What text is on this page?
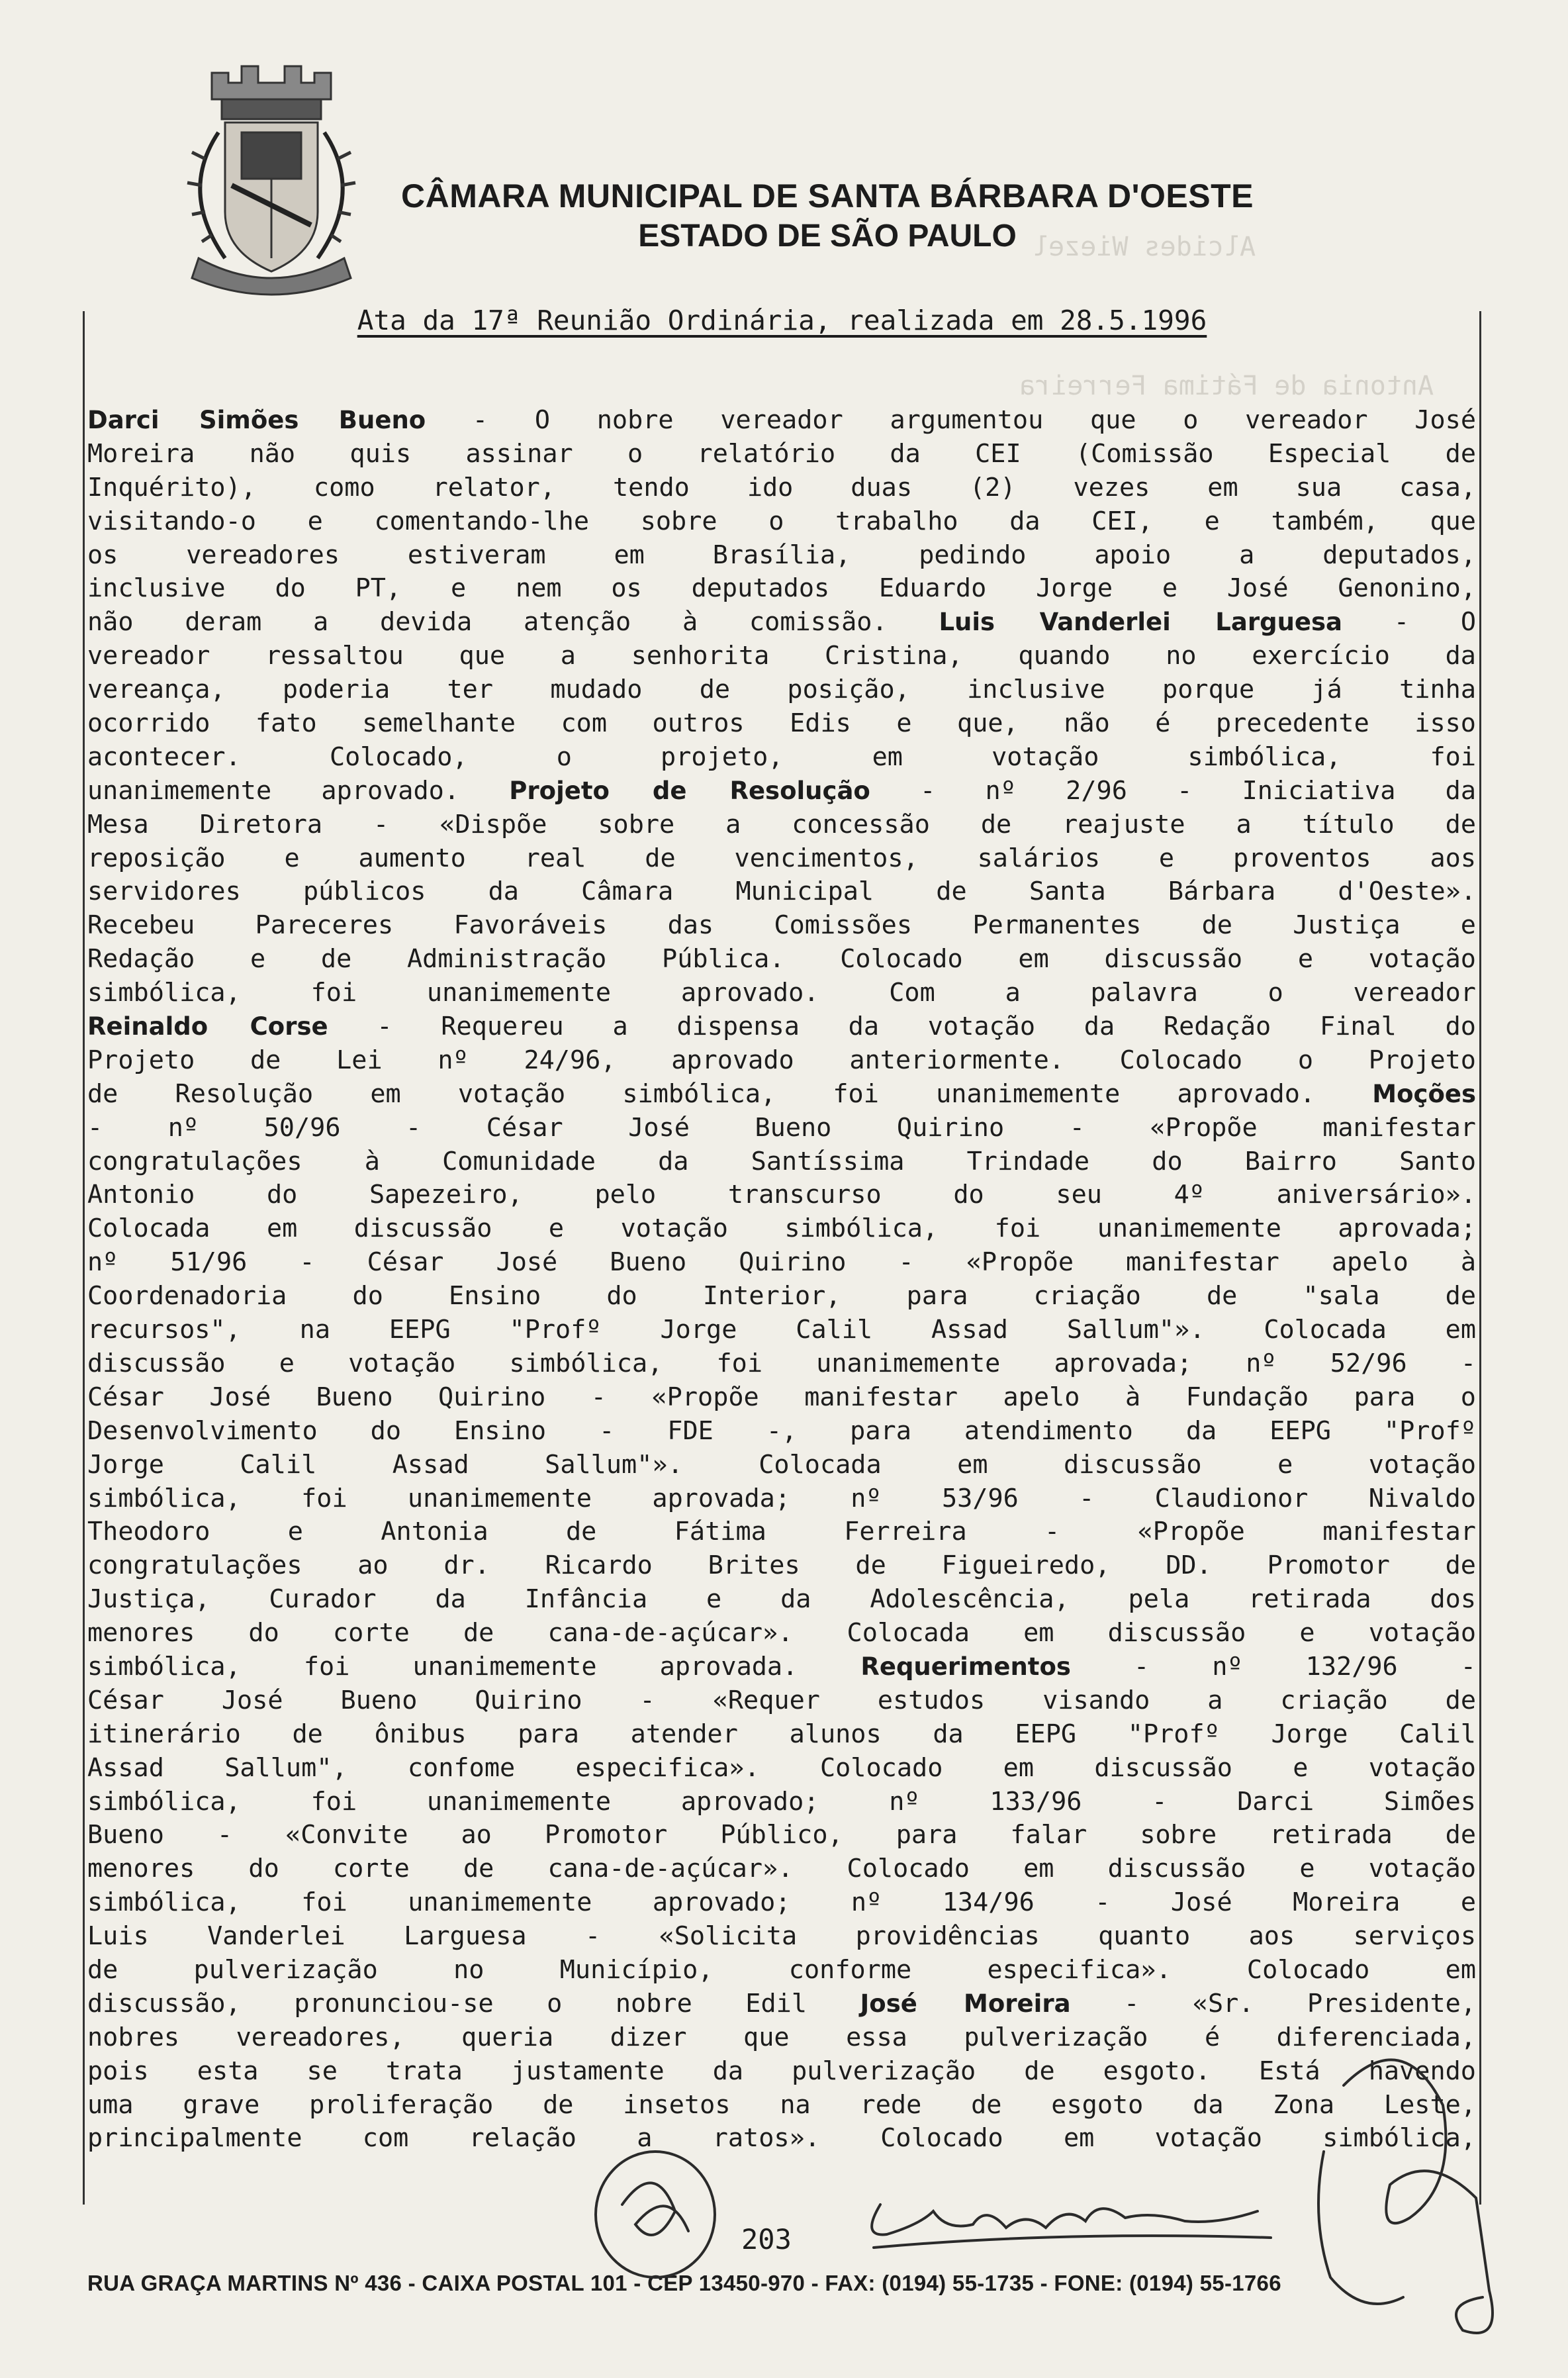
Alcides Wiezel
Antonia de Fátima Ferreira
CÂMARA MUNICIPAL DE SANTA BÁRBARA D'OESTE
ESTADO DE SÃO PAULO
Ata da 17ª Reunião Ordinária, realizada em 28.5.1996
Darci Simões Bueno - O nobre vereador argumentou que o vereador José
Moreira não quis assinar o relatório da CEI (Comissão Especial de
Inquérito), como relator, tendo ido duas (2) vezes em sua casa,
visitando-o e comentando-lhe sobre o trabalho da CEI, e também, que
os vereadores estiveram em Brasília, pedindo apoio a deputados,
inclusive do PT, e nem os deputados Eduardo Jorge e José Genonino,
não deram a devida atenção à comissão. Luis Vanderlei Larguesa - O
vereador ressaltou que a senhorita Cristina, quando no exercício da
vereança, poderia ter mudado de posição, inclusive porque já tinha
ocorrido fato semelhante com outros Edis e que, não é precedente isso
acontecer. Colocado, o projeto, em votação simbólica, foi
unanimemente aprovado. Projeto de Resolução - nº 2/96 - Iniciativa da
Mesa Diretora - «Dispõe sobre a concessão de reajuste a título de
reposição e aumento real de vencimentos, salários e proventos aos
servidores públicos da Câmara Municipal de Santa Bárbara d'Oeste».
Recebeu Pareceres Favoráveis das Comissões Permanentes de Justiça e
Redação e de Administração Pública. Colocado em discussão e votação
simbólica, foi unanimemente aprovado. Com a palavra o vereador
Reinaldo Corse - Requereu a dispensa da votação da Redação Final do
Projeto de Lei nº 24/96, aprovado anteriormente. Colocado o Projeto
de Resolução em votação simbólica, foi unanimemente aprovado. Moções
- nº 50/96 - César José Bueno Quirino - «Propõe manifestar
congratulações à Comunidade da Santíssima Trindade do Bairro Santo
Antonio do Sapezeiro, pelo transcurso do seu 4º aniversário».
Colocada em discussão e votação simbólica, foi unanimemente aprovada;
nº 51/96 - César José Bueno Quirino - «Propõe manifestar apelo à
Coordenadoria do Ensino do Interior, para criação de "sala de
recursos", na EEPG "Profº Jorge Calil Assad Sallum"». Colocada em
discussão e votação simbólica, foi unanimemente aprovada; nº 52/96 -
César José Bueno Quirino - «Propõe manifestar apelo à Fundação para o
Desenvolvimento do Ensino - FDE -, para atendimento da EEPG "Profº
Jorge Calil Assad Sallum"». Colocada em discussão e votação
simbólica, foi unanimemente aprovada; nº 53/96 - Claudionor Nivaldo
Theodoro e Antonia de Fátima Ferreira - «Propõe manifestar
congratulações ao dr. Ricardo Brites de Figueiredo, DD. Promotor de
Justiça, Curador da Infância e da Adolescência, pela retirada dos
menores do corte de cana-de-açúcar». Colocada em discussão e votação
simbólica, foi unanimemente aprovada. Requerimentos - nº 132/96 -
César José Bueno Quirino - «Requer estudos visando a criação de
itinerário de ônibus para atender alunos da EEPG "Profº Jorge Calil
Assad Sallum", confome especifica». Colocado em discussão e votação
simbólica, foi unanimemente aprovado; nº 133/96 - Darci Simões
Bueno - «Convite ao Promotor Público, para falar sobre retirada de
menores do corte de cana-de-açúcar». Colocado em discussão e votação
simbólica, foi unanimemente aprovado; nº 134/96 - José Moreira e
Luis Vanderlei Larguesa - «Solicita providências quanto aos serviços
de pulverização no Município, conforme especifica». Colocado em
discussão, pronunciou-se o nobre Edil José Moreira - «Sr. Presidente,
nobres vereadores, queria dizer que essa pulverização é diferenciada,
pois esta se trata justamente da pulverização de esgoto. Está havendo
uma grave proliferação de insetos na rede de esgoto da Zona Leste,
principalmente com relação a ratos». Colocado em votação simbólica,
203
RUA GRAÇA MARTINS Nº 436 - CAIXA POSTAL 101 - CEP 13450-970 - FAX: (0194) 55-1735 - FONE: (0194) 55-1766
